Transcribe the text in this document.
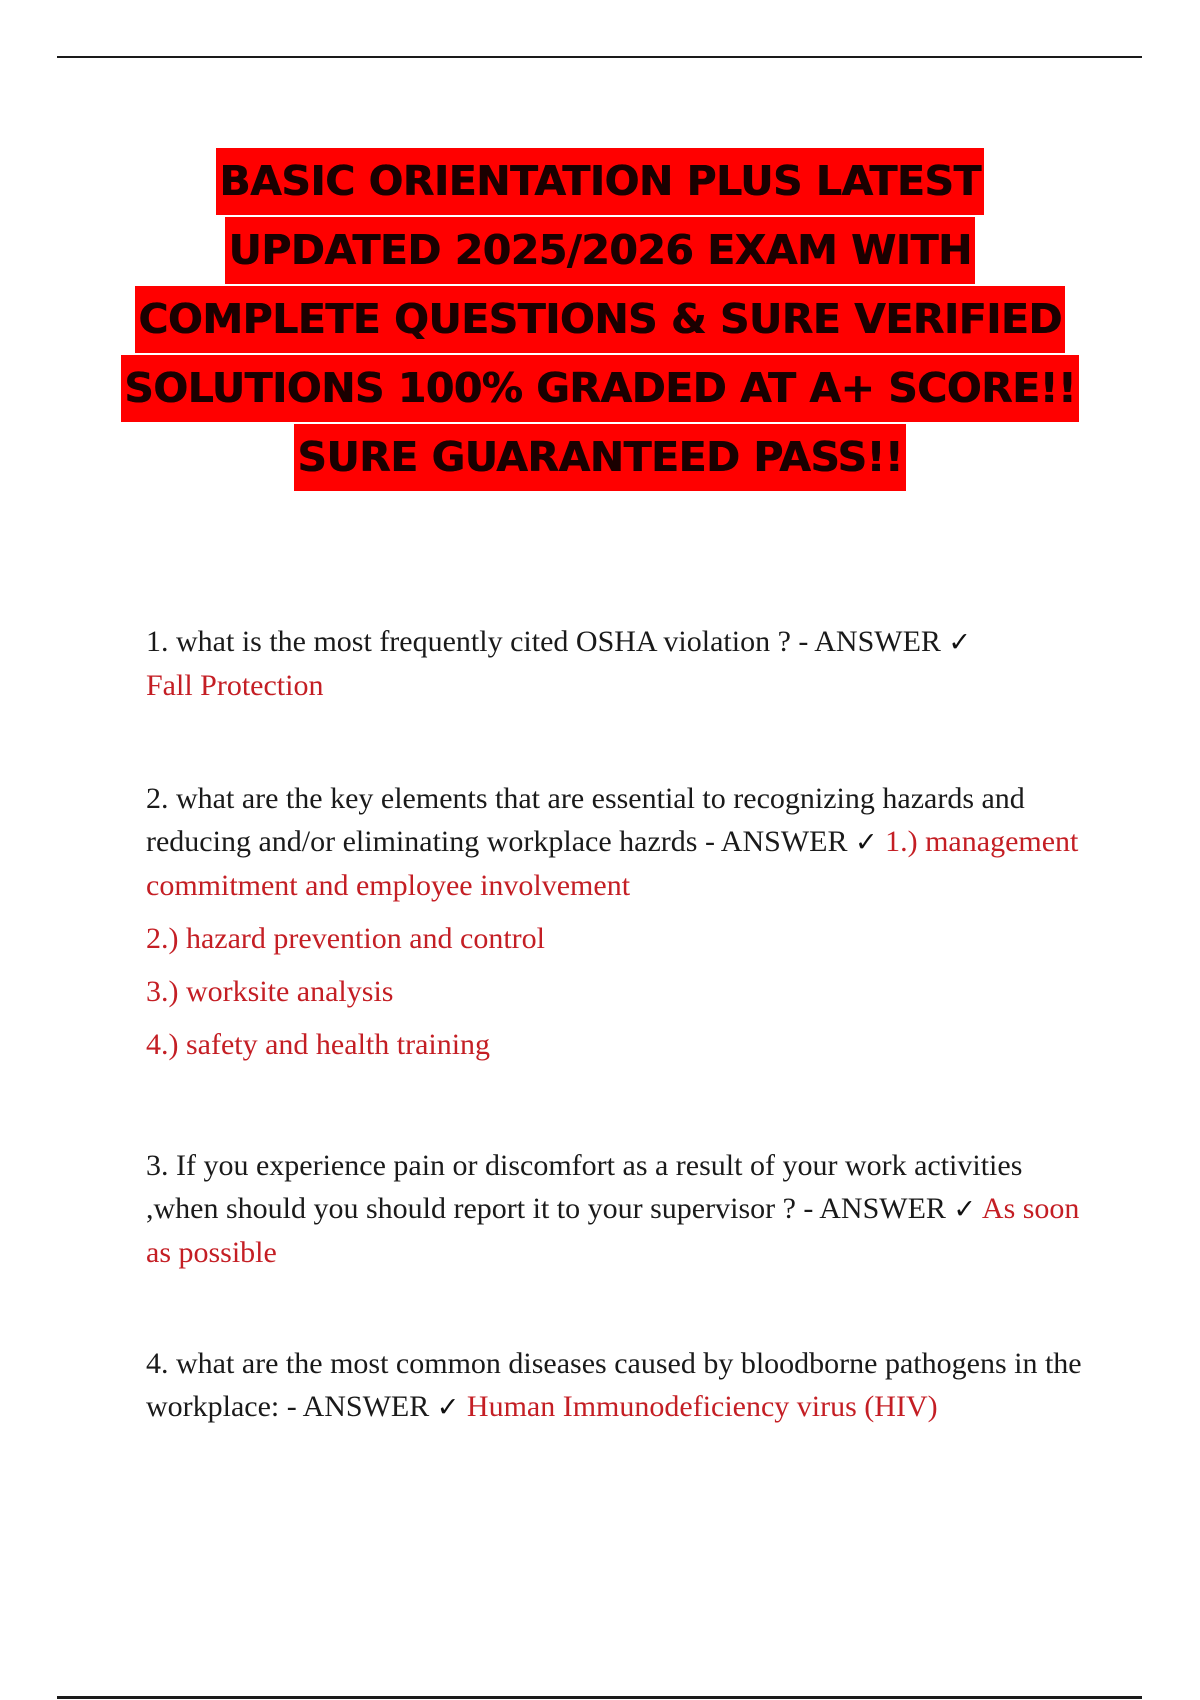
BASIC ORIENTATION PLUS LATEST
UPDATED 2025/2026 EXAM WITH
COMPLETE QUESTIONS & SURE VERIFIED
SOLUTIONS 100% GRADED AT A+ SCORE!!
SURE GUARANTEED PASS!!
1. what is the most frequently cited OSHA violation ? - ANSWER ✓
Fall Protection
2. what are the key elements that are essential to recognizing hazards and reducing and/or eliminating workplace hazrds - ANSWER ✓ 1.) management commitment and employee involvement
2.) hazard prevention and control
3.) worksite analysis
4.) safety and health training
3. If you experience pain or discomfort as a result of your work activities ,when should you should report it to your supervisor ? - ANSWER ✓ As soon as possible
4. what are the most common diseases caused by bloodborne pathogens in the workplace: - ANSWER ✓ Human Immunodeficiency virus (HIV)
